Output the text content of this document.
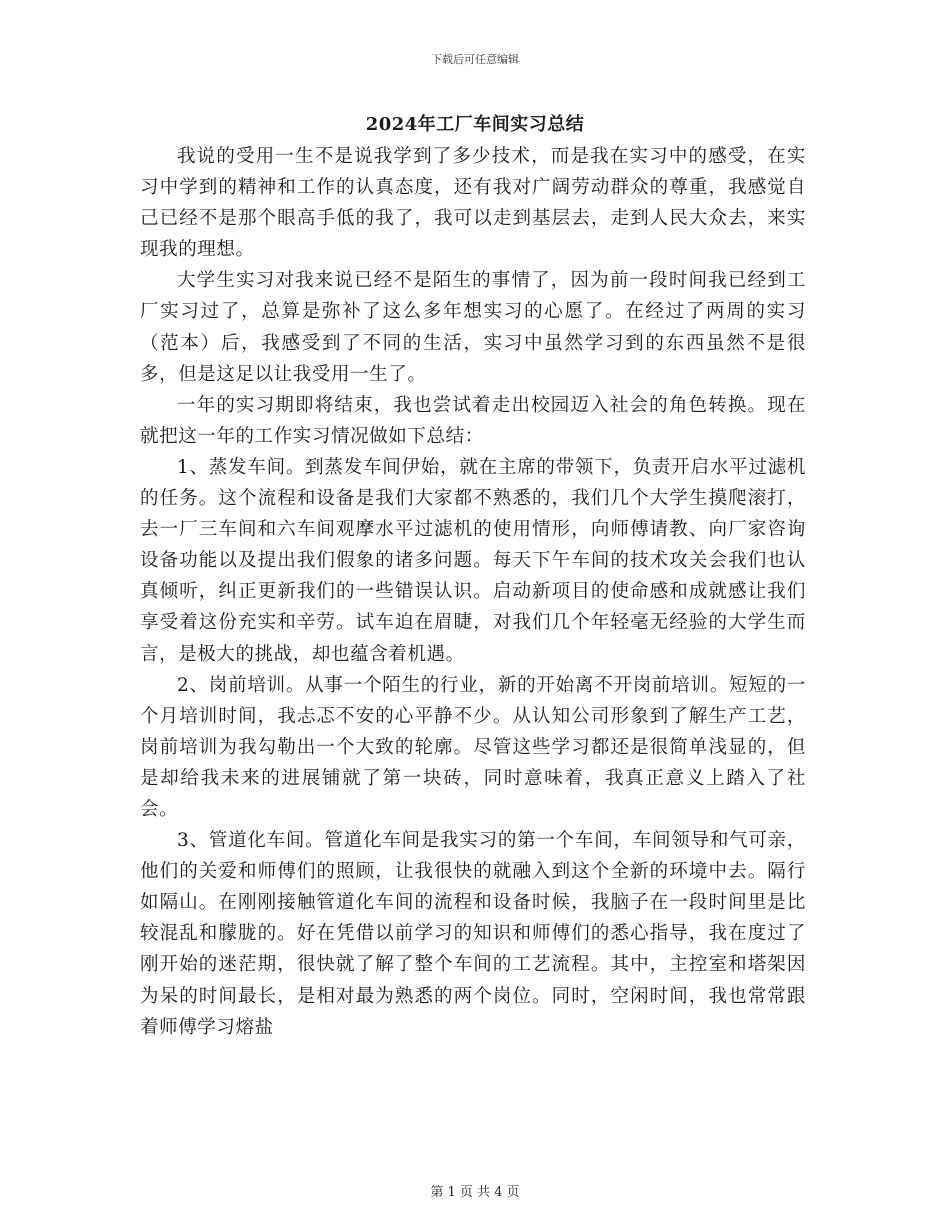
下载后可任意编辑
2024年工厂车间实习总结

我说的受用一生不是说我学到了多少技术，而是我在实习中的感受，在实习中学到的精神和工作的认真态度，还有我对广阔劳动群众的尊重，我感觉自己已经不是那个眼高手低的我了，我可以走到基层去，走到人民大众去，来实现我的理想。

大学生实习对我来说已经不是陌生的事情了，因为前一段时间我已经到工厂实习过了，总算是弥补了这么多年想实习的心愿了。在经过了两周的实习（范本）后，我感受到了不同的生活，实习中虽然学习到的东西虽然不是很多，但是这足以让我受用一生了。

一年的实习期即将结束，我也尝试着走出校园迈入社会的角色转换。现在就把这一年的工作实习情况做如下总结：

1、蒸发车间。到蒸发车间伊始，就在主席的带领下，负责开启水平过滤机的任务。这个流程和设备是我们大家都不熟悉的，我们几个大学生摸爬滚打，去一厂三车间和六车间观摩水平过滤机的使用情形，向师傅请教、向厂家咨询设备功能以及提出我们假象的诸多问题。每天下午车间的技术攻关会我们也认真倾听，纠正更新我们的一些错误认识。启动新项目的使命感和成就感让我们享受着这份充实和辛劳。试车迫在眉睫，对我们几个年轻毫无经验的大学生而言，是极大的挑战，却也蕴含着机遇。

2、岗前培训。从事一个陌生的行业，新的开始离不开岗前培训。短短的一个月培训时间，我忐忑不安的心平静不少。从认知公司形象到了解生产工艺，岗前培训为我勾勒出一个大致的轮廓。尽管这些学习都还是很简单浅显的，但是却给我未来的进展铺就了第一块砖，同时意味着，我真正意义上踏入了社会。

3、管道化车间。管道化车间是我实习的第一个车间，车间领导和气可亲，他们的关爱和师傅们的照顾，让我很快的就融入到这个全新的环境中去。隔行如隔山。在刚刚接触管道化车间的流程和设备时候，我脑子在一段时间里是比较混乱和朦胧的。好在凭借以前学习的知识和师傅们的悉心指导，我在度过了刚开始的迷茫期，很快就了解了整个车间的工艺流程。其中，主控室和塔架因为呆的时间最长，是相对最为熟悉的两个岗位。同时，空闲时间，我也常常跟着师傅学习熔盐

第 1 页 共 4 页
